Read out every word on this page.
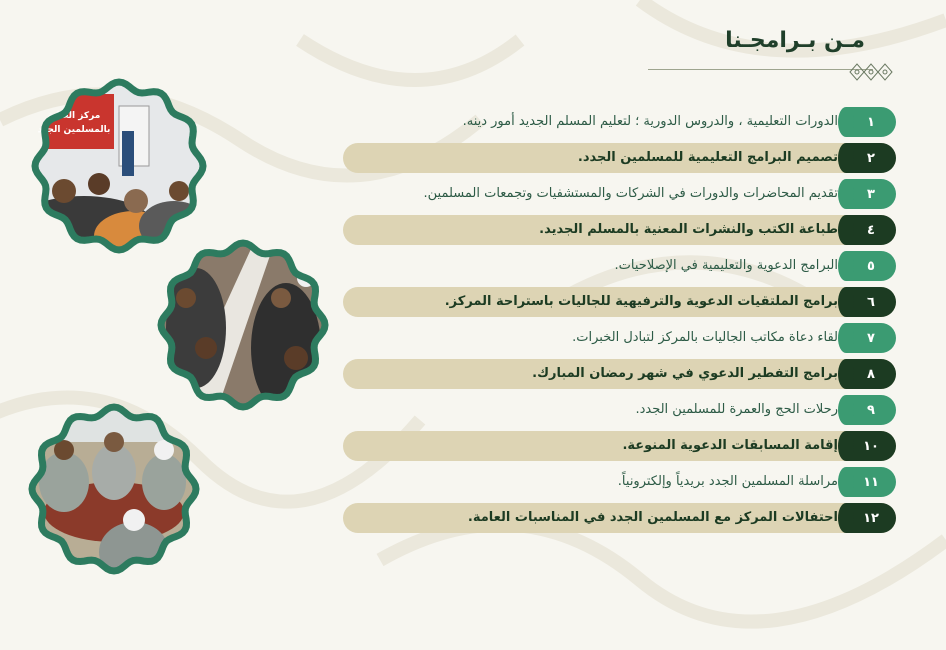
مـن بـرامجـنا
١
الدورات التعليمية ، والدروس الدورية ؛ لتعليم المسلم الجديد أمور دينه.
٢
تصميم البرامج التعليمية للمسلمين الجدد.
٣
تقديم المحاضرات والدورات في الشركات والمستشفيات وتجمعات المسلمين.
٤
طباعة الكتب والنشرات المعنية بالمسلم الجديد.
٥
البرامج الدعوية والتعليمية في الإصلاحيات.
٦
برامج الملتقيات الدعوية والترفيهية للجاليات باستراحة المركز.
٧
لقاء دعاة مكاتب الجاليات بالمركز لتبادل الخبرات.
٨
برامج التفطير الدعوي في شهر رمضان المبارك.
٩
رحلات الحج والعمرة للمسلمين الجدد.
١٠
إقامة المسابقات الدعوية المنوعة.
١١
مراسلة المسلمين الجدد بريدياً وإلكترونياً.
١٢
احتفالات المركز مع المسلمين الجدد في المناسبات العامة.
مركز العناية
بالمسلمين الجدد
